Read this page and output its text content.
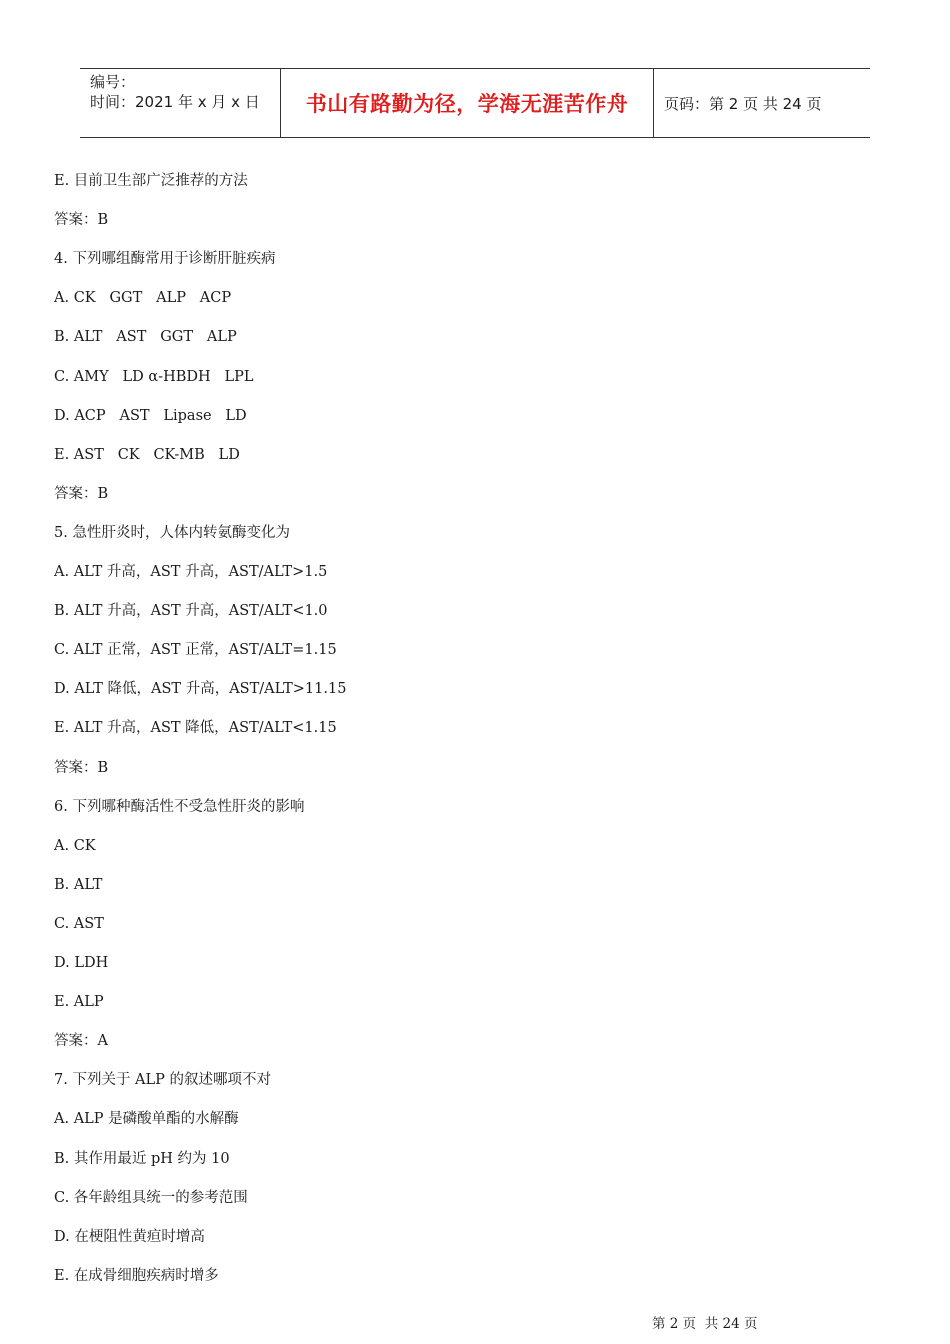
编号：
时间：2021 年 x 月 x 日	书山有路勤为径，学海无涯苦作舟	页码：第 2 页 共 24 页
E. 目前卫生部广泛推荐的方法
答案：B
4. 下列哪组酶常用于诊断肝脏疾病
A. CK   GGT   ALP   ACP
B. ALT   AST   GGT   ALP
C. AMY   LD α-HBDH   LPL
D. ACP   AST   Lipase   LD
E. AST   CK   CK-MB   LD
答案：B
5. 急性肝炎时，人体内转氨酶变化为
A. ALT 升高，AST 升高，AST/ALT>1.5
B. ALT 升高，AST 升高，AST/ALT<1.0
C. ALT 正常，AST 正常，AST/ALT=1.15
D. ALT 降低，AST 升高，AST/ALT>11.15
E. ALT 升高，AST 降低，AST/ALT<1.15
答案：B
6. 下列哪种酶活性不受急性肝炎的影响
A. CK
B. ALT
C. AST
D. LDH
E. ALP
答案：A
7. 下列关于 ALP 的叙述哪项不对
A. ALP 是磷酸单酯的水解酶
B. 其作用最近 pH 约为 10
C. 各年龄组具统一的参考范围
D. 在梗阻性黄疸时增高
E. 在成骨细胞疾病时增多
第 2 页  共 24 页
